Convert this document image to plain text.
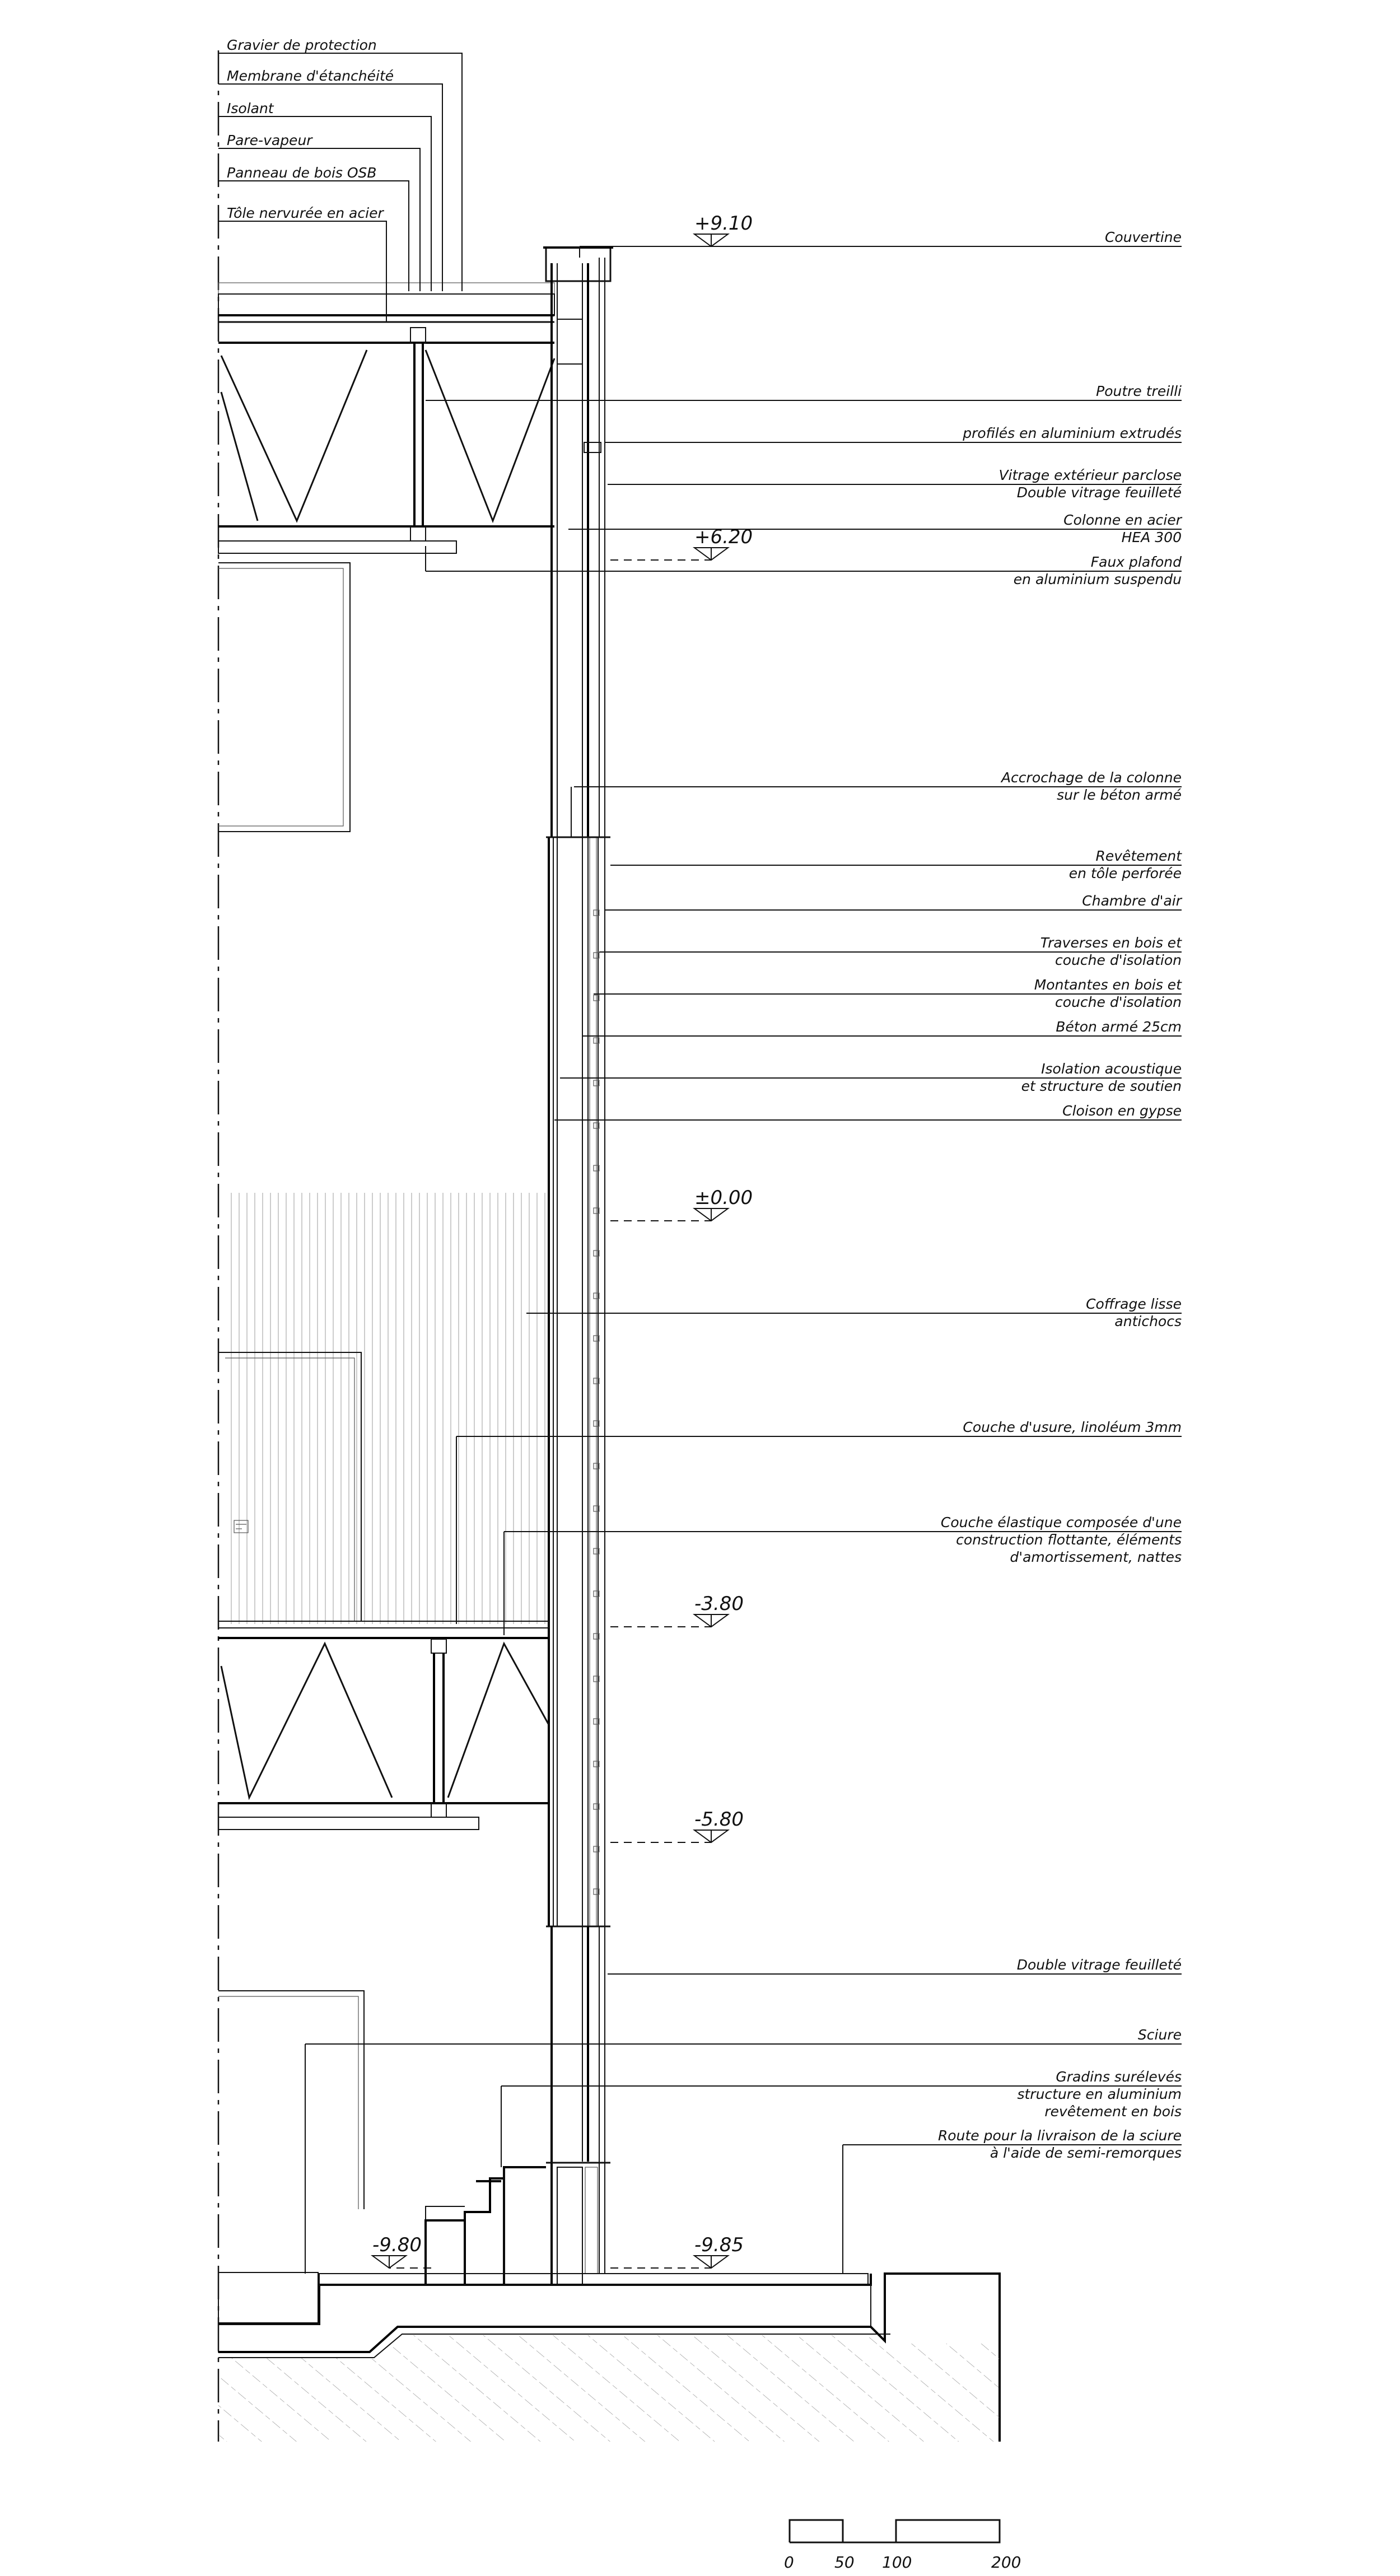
Gravier de protection
Membrane d'étanchéité
Isolant
Pare-vapeur
Panneau de bois OSB
Tôle nervurée en acier
Couvertine
Poutre treilli
profilés en aluminium extrudés
Vitrage extérieur parclose
Double vitrage feuilleté
Colonne en acier
HEA 300
Faux plafond
en aluminium suspendu
Accrochage de la colonne
sur le béton armé
Revêtement
en tôle perforée
Chambre d'air
Traverses en bois et
couche d'isolation
Montantes en bois et
couche d'isolation
Béton armé 25cm
Isolation acoustique
et structure de soutien
Cloison en gypse
Coffrage lisse
antichocs
Couche d'usure, linoléum 3mm
Couche élastique composée d'une
construction flottante, éléments
d'amortissement, nattes
Double vitrage feuilleté
Sciure
Gradins surélevés
structure en aluminium
revêtement en bois
Route pour la livraison de la sciure
à l'aide de semi-remorques
+9.10
+6.20
±0.00
-3.80
-5.80
-9.80	-9.85
0	50 100	200
